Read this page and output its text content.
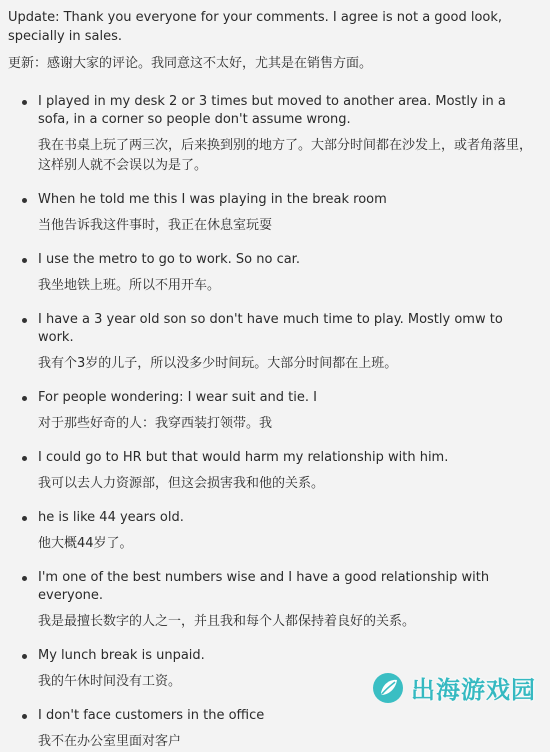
Update: Thank you everyone for your comments. I agree is not a good look, specially in sales.

更新：感谢大家的评论。我同意这不太好，尤其是在销售方面。

I played in my desk 2 or 3 times but moved to another area. Mostly in a sofa, in a corner so people don't assume wrong.
我在书桌上玩了两三次，后来换到别的地方了。大部分时间都在沙发上，或者角落里，这样别人就不会误以为是了。
When he told me this I was playing in the break room
当他告诉我这件事时，我正在休息室玩耍
I use the metro to go to work. So no car.
我坐地铁上班。所以不用开车。
I have a 3 year old son so don't have much time to play. Mostly omw to work.
我有个3岁的儿子，所以没多少时间玩。大部分时间都在上班。
For people wondering: I wear suit and tie. I
对于那些好奇的人：我穿西装打领带。我
I could go to HR but that would harm my relationship with him.
我可以去人力资源部，但这会损害我和他的关系。
he is like 44 years old.
他大概44岁了。
I'm one of the best numbers wise and I have a good relationship with everyone.
我是最擅长数字的人之一，并且我和每个人都保持着良好的关系。
My lunch break is unpaid.
我的午休时间没有工资。
I don't face customers in the office
我不在办公室里面对客户
出海游戏园
